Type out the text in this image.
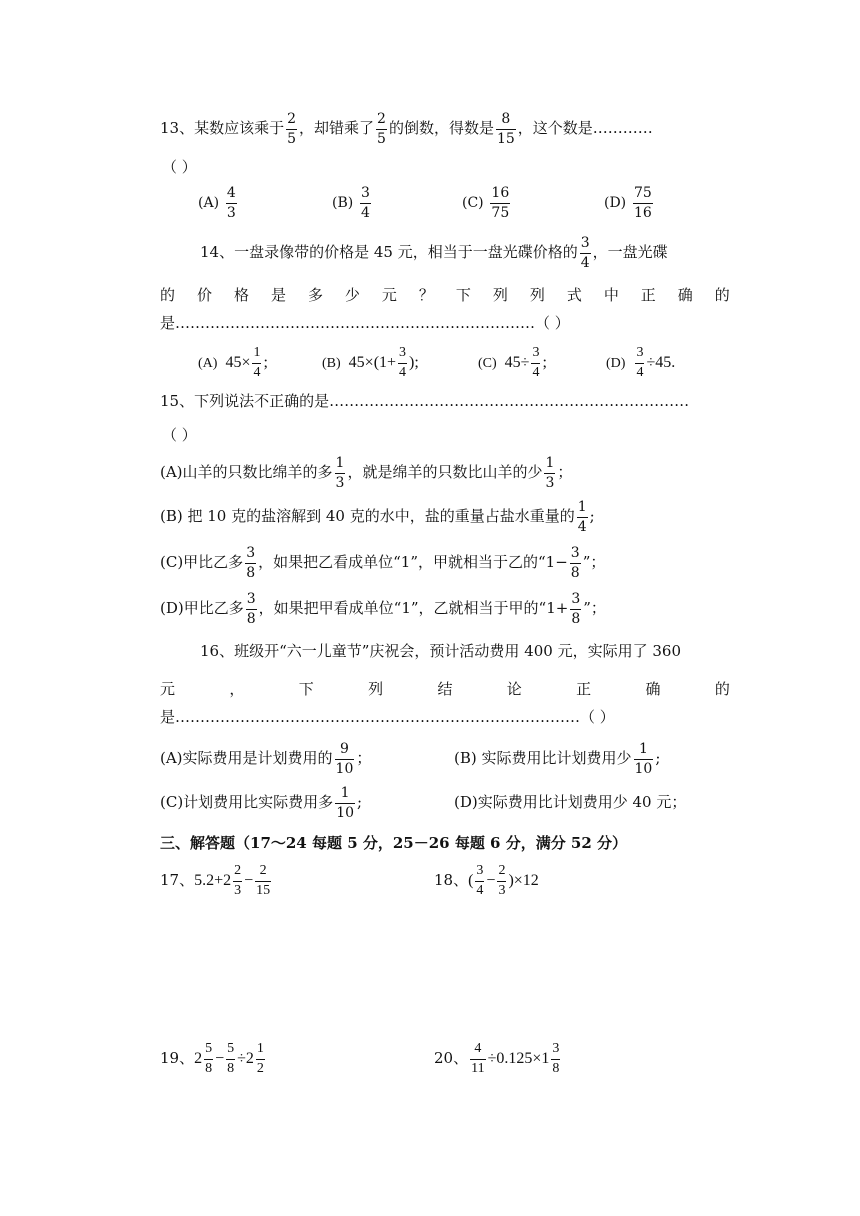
13、某数应该乘于 $\frac{2}{5}$ ，却错乘了 $\frac{2}{5}$ 的倒数，得数是 $\frac{8}{15}$ ，这个数是…………
（ ）
$(A) \frac{4}{3}$	$(B) \frac{3}{4}$	$(C) \frac{16}{75}$	$(D) \frac{75}{16}$
14、一盘录像带的价格是 45 元，相当于一盘光碟价格的 $\frac{3}{4}$ ，一盘光碟
的 价 格 是 多 少 元 ？ 下 列 列 式 中 正 确 的
是………………………………………………………………（ ）
(A) $45\times \frac{1}{4}$ ;	(B) $45\times(1+ \frac{3}{4}$ );	(C) $45\div \frac{3}{4}$ ;	$(D) \frac{3}{4} \div 45$.
15、下列说法不正确的是………………………………………………………………
（ ）
(A)山羊的只数比绵羊的多 $\frac{1}{3}$ ，就是绵羊的只数比山羊的少 $\frac{1}{3}$ ；
(B) 把 10 克的盐溶解到 40 克的水中，盐的重量占盐水重量的 $\frac{1}{4}$ ;
(C)甲比乙多 $\frac{3}{8}$ ，如果把乙看成单位“1”，甲就相当于乙的“$1- \frac{3}{8}$ ”；
(D)甲比乙多 $\frac{3}{8}$ ，如果把甲看成单位“1”，乙就相当于甲的“$1+ \frac{3}{8}$ ”；
16、班级开“六一儿童节”庆祝会，预计活动费用 400 元，实际用了 360
元	，	下	列	结	论	正	确	的
是………………………………………………………………………（ ）
(A)实际费用是计划费用的 $\frac{9}{10}$ ；	(B) 实际费用比计划费用少 $\frac{1}{10}$ ;
(C)计划费用比实际费用多 $\frac{1}{10}$ ;	(D)实际费用比计划费用少 40 元；
三、解答题（17～24 每题 5 分，25－26 每题 6 分，满分 52 分）
17、$5.2+2 \frac{2}{3} - \frac{2}{15}$	18、( $\frac{3}{4} - \frac{2}{3} )\times 12$
19、$2 \frac{5}{8} - \frac{5}{8} \div 2 \frac{1}{2}$	20、 $\frac{4}{11} \div 0.125\times 1 \frac{3}{8}$
